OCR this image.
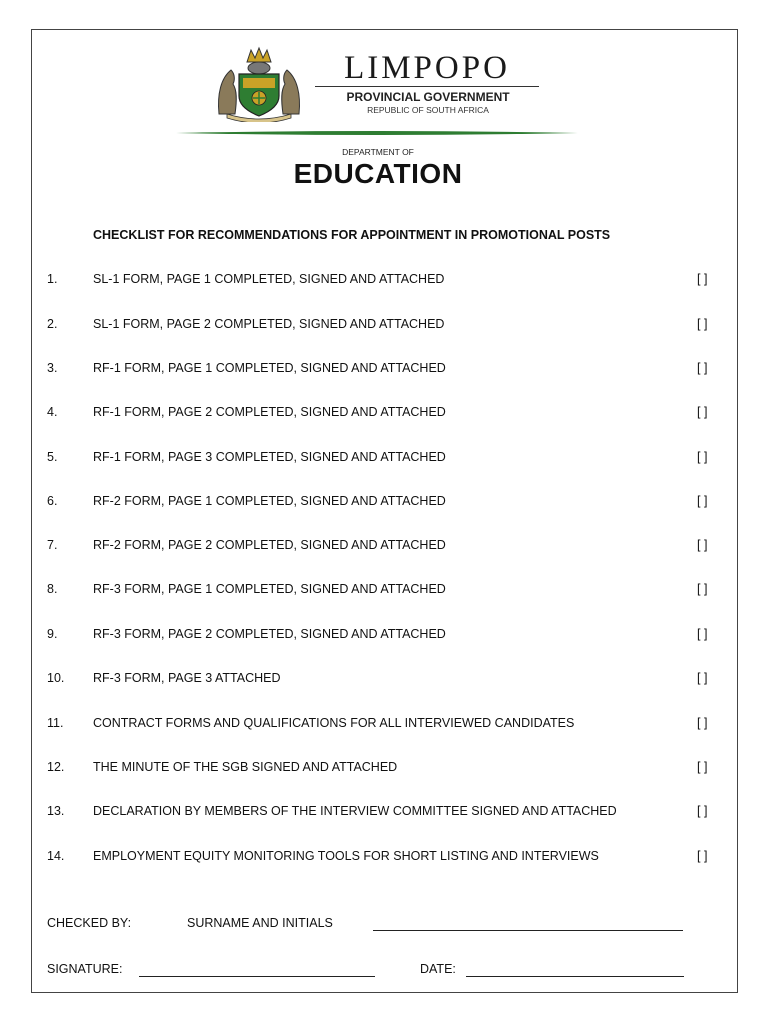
LIMPOPO
PROVINCIAL GOVERNMENT
REPUBLIC OF SOUTH AFRICA
DEPARTMENT OF
EDUCATION
CHECKLIST FOR RECOMMENDATIONS FOR APPOINTMENT IN PROMOTIONAL POSTS
1.	SL-1 FORM, PAGE 1 COMPLETED, SIGNED AND ATTACHED	[ ]
2.	SL-1 FORM, PAGE 2 COMPLETED, SIGNED AND ATTACHED	[ ]
3.	RF-1 FORM, PAGE 1 COMPLETED, SIGNED AND ATTACHED	[ ]
4.	RF-1 FORM, PAGE 2 COMPLETED, SIGNED AND ATTACHED	[ ]
5.	RF-1 FORM, PAGE 3 COMPLETED, SIGNED AND ATTACHED	[ ]
6.	RF-2 FORM, PAGE 1 COMPLETED, SIGNED AND ATTACHED	[ ]
7.	RF-2 FORM, PAGE 2 COMPLETED, SIGNED AND ATTACHED	[ ]
8.	RF-3 FORM, PAGE 1 COMPLETED, SIGNED AND ATTACHED	[ ]
9.	RF-3 FORM, PAGE 2 COMPLETED, SIGNED AND ATTACHED	[ ]
10. RF-3 FORM, PAGE 3 ATTACHED	[ ]
11. CONTRACT FORMS AND QUALIFICATIONS FOR ALL INTERVIEWED CANDIDATES	[ ]
12. THE MINUTE OF THE SGB SIGNED AND ATTACHED	[ ]
13. DECLARATION BY MEMBERS OF THE INTERVIEW COMMITTEE SIGNED AND ATTACHED	[ ]
14. EMPLOYMENT EQUITY MONITORING TOOLS FOR SHORT LISTING AND INTERVIEWS	[ ]
CHECKED BY:	SURNAME AND INITIALS
SIGNATURE:	DATE:
